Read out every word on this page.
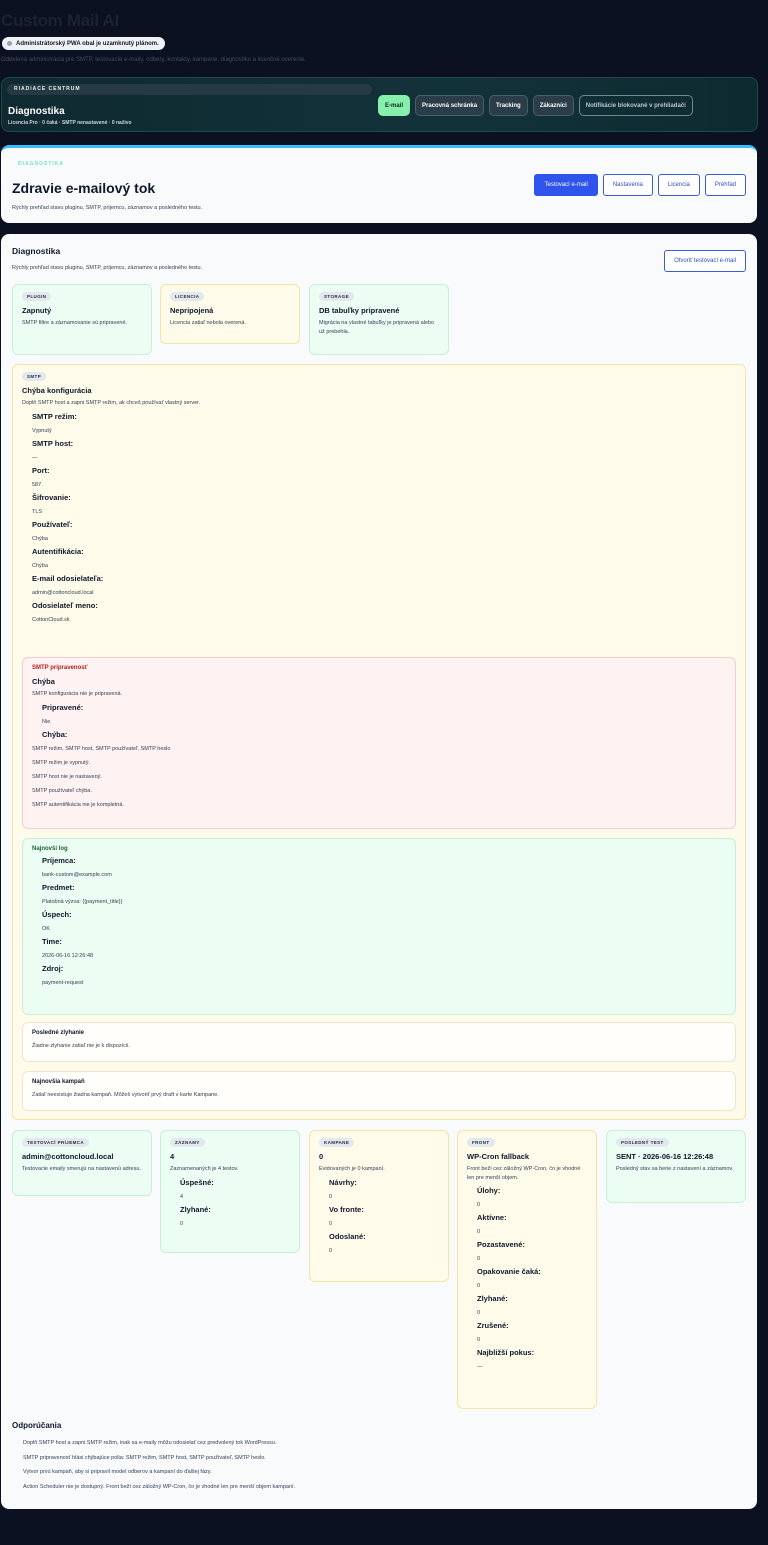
Custom Mail AI
Administrátorský PWA obal je uzamknutý plánom.
Oddelená administrácia pre SMTP, testovacie e-maily, odbery, kontakty, kampane, diagnostiku a licenčné overenie.
RIADIACE CENTRUM
Diagnostika
Licencia Pro · 0 čaká · SMTP nenastavené · 0 naživo
E-mail	Pracovná schránka	Tracking	Zákazníci	Notifikácie blokované v prehliadači
DIAGNOSTIKA
Zdravie e-mailový tok
Rýchly prehľad stavu pluginu, SMTP, príjemcu, záznamov a posledného testu.
Testovací e-mail	Nastavenia	Licencia	Prehľad
Diagnostika
Rýchly prehľad stavu pluginu, SMTP, príjemcu, záznamov a posledného testu.
Otvoriť testovací e-mail
PLUGIN
Zapnutý
SMTP filtre a záznamovanie sú pripravené.
LICENCIA
Nepripojená
Licencia zatiaľ nebola overená.
STORAGE
DB tabuľky pripravené
Migrácia na vlastné tabuľky je pripravená alebo už prebehla.
SMTP
Chýba konfigurácia
Doplň SMTP host a zapni SMTP režim, ak chceš používať vlastný server.
SMTP režim:
Vypnutý
SMTP host:
—
Port:
587
Šifrovanie:
TLS
Používateľ:
Chýba
Autentifikácia:
Chýba
E-mail odosielateľa:
admin@cottoncloud.local
Odosielateľ meno:
CottonCloud.sk
SMTP pripravenosť
Chýba
SMTP konfigurácia nie je pripravená.
Pripravené:
Nie
Chýba:
SMTP režim, SMTP host, SMTP používateľ, SMTP heslo
SMTP režim je vypnutý.
SMTP host nie je nastavený.
SMTP používateľ chýba.
SMTP autentifikácia nie je kompletná.
Najnovší log
Príjemca:
bank-custom@example.com
Predmet:
Platobná výzva: {{payment_title}}
Úspech:
OK
Time:
2026-06-16 12:26:48
Zdroj:
payment-request
Posledné zlyhanie
Žiadne zlyhanie zatiaľ nie je k dispozícii.
Najnovšia kampaň
Zatiaľ neexistuje žiadna kampaň. Môžeš vytvoriť prvý draft v karte Kampane.
TESTOVACÍ PRÍJEMCA
admin@cottoncloud.local
Testovacie emaily smerujú na nastavenú adresu.
ZÁZNAMY
4
Zaznamenaných je 4 testov.
Úspešné:
4
Zlyhané:
0
KAMPANE
0
Evidovaných je 0 kampaní.
Návrhy:
0
Vo fronte:
0
Odoslané:
0
FRONT
WP-Cron fallback
Front beží cez záložný WP-Cron, čo je vhodné len pre menší objem.
Úlohy:
0
Aktívne:
0
Pozastavené:
0
Opakovanie čaká:
0
Zlyhané:
0
Zrušené:
0
Najbližší pokus:
—
POSLEDNÝ TEST
SENT · 2026-06-16 12:26:48
Posledný stav sa berie z nastavení a záznamov.
Odporúčania
Doplň SMTP host a zapni SMTP režim, inak sa e-maily môžu odosielať cez predvolený tok WordPressu.
SMTP pripravenosť hlási chýbajúce polia: SMTP režim, SMTP host, SMTP používateľ, SMTP heslo.
Vytvor prvú kampaň, aby si pripravil model odberov a kampaní do ďalšej fázy.
Action Scheduler nie je dostupný. Front beží cez záložný WP-Cron, čo je vhodné len pre menší objem kampaní.
